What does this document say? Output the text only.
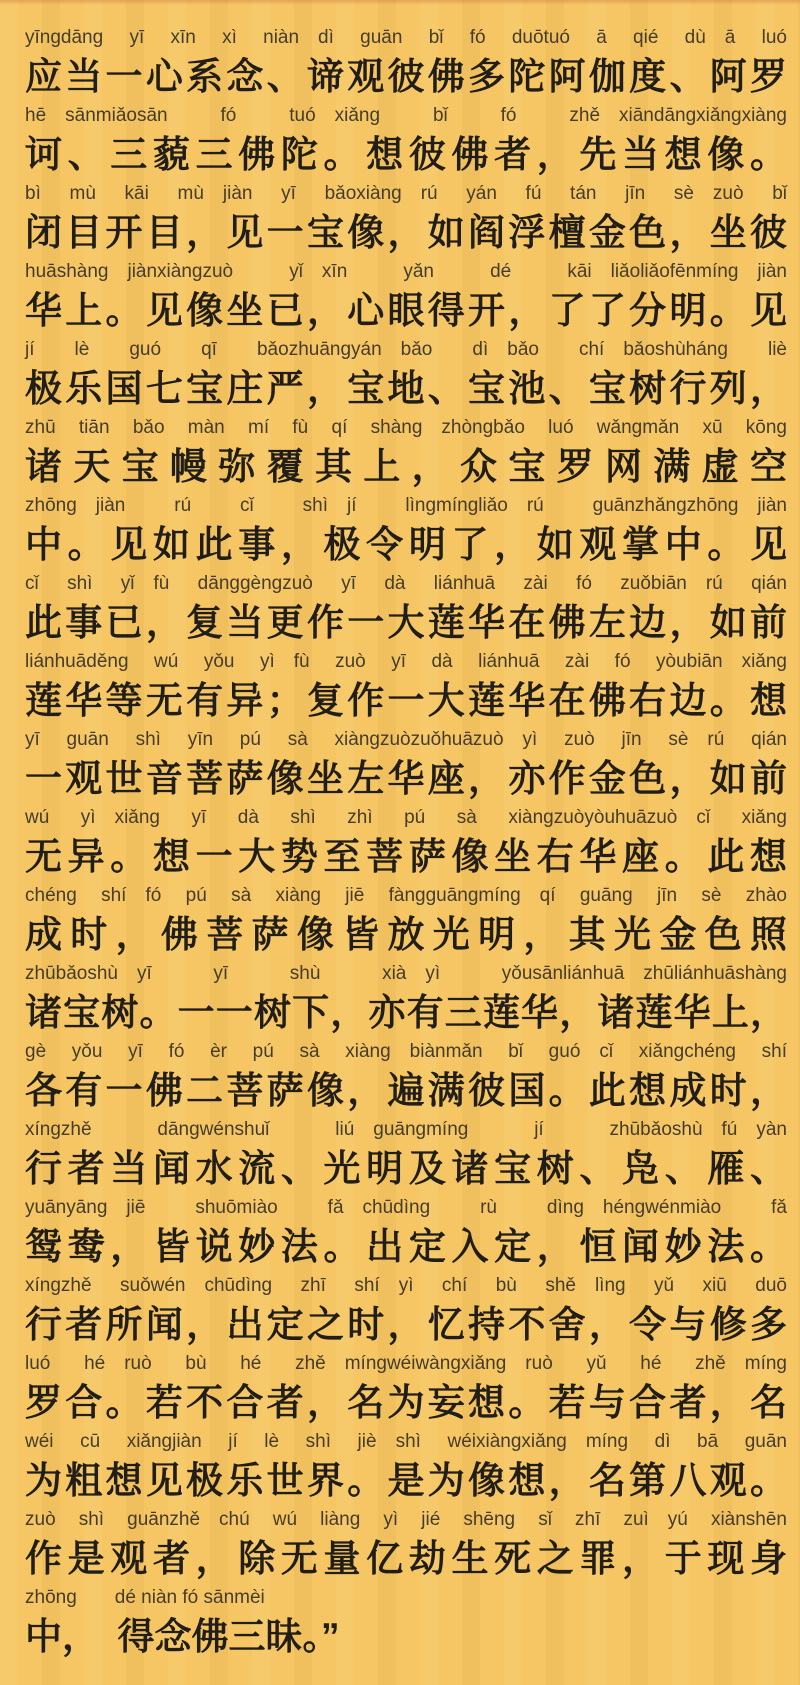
yīngdāng yī xīn xì niàn dì guān bǐ fó duōtuó ā qié dù ā luó
应当一心系念、谛观彼佛多陀阿伽度、阿罗
hē sānmiǎosān fó tuó xiǎng bǐ fó zhě xiāndāngxiǎngxiàng
诃、三藐三佛陀。想彼佛者，先当想像。
bì mù kāi mù jiàn yī bǎoxiàng rú yán fú tán jīn sè zuò bǐ
闭目开目，见一宝像，如阎浮檀金色，坐彼
huāshàng jiànxiàngzuò yǐ xīn yǎn dé kāi liǎoliǎofēnmíng jiàn
华上。见像坐已，心眼得开，了了分明。见
jí lè guó qī bǎozhuāngyán bǎo dì bǎo chí bǎoshùháng liè
极乐国七宝庄严，宝地、宝池、宝树行列，
zhū tiān bǎo màn mí fù qí shàng zhòngbǎo luó wǎngmǎn xū kōng
诸天宝幔弥覆其上，众宝罗网满虚空
zhōng jiàn rú cǐ shì jí lìngmíngliǎo rú guānzhǎngzhōng jiàn
中。见如此事，极令明了，如观掌中。见
cǐ shì yǐ fù dānggèngzuò yī dà liánhuā zài fó zuǒbiān rú qián
此事已，复当更作一大莲华在佛左边，如前
liánhuāděng wú yǒu yì fù zuò yī dà liánhuā zài fó yòubiān xiǎng
莲华等无有异；复作一大莲华在佛右边。想
yī guān shì yīn pú sà xiàngzuòzuǒhuāzuò yì zuò jīn sè rú qián
一观世音菩萨像坐左华座，亦作金色，如前
wú yì xiǎng yī dà shì zhì pú sà xiàngzuòyòuhuāzuò cǐ xiǎng
无异。想一大势至菩萨像坐右华座。此想
chéng shí fó pú sà xiàng jiē fàngguāngmíng qí guāng jīn sè zhào
成时，佛菩萨像皆放光明，其光金色照
zhūbǎoshù yī yī shù xià yì yǒusānliánhuā zhūliánhuāshàng
诸宝树。一一树下，亦有三莲华，诸莲华上，
gè yǒu yī fó èr pú sà xiàng biànmǎn bǐ guó cǐ xiǎngchéng shí
各有一佛二菩萨像，遍满彼国。此想成时，
xíngzhě dāngwénshuǐ liú guāngmíng jí zhūbǎoshù fú yàn
行者当闻水流、光明及诸宝树、凫、雁、
yuānyāng jiē shuōmiào fǎ chūdìng rù dìng héngwénmiào fǎ
鸳鸯，皆说妙法。出定入定，恒闻妙法。
xíngzhě suǒwén chūdìng zhī shí yì chí bù shě lìng yǔ xiū duō
行者所闻，出定之时，忆持不舍，令与修多
luó hé ruò bù hé zhě míngwéiwàngxiǎng ruò yǔ hé zhě míng
罗合。若不合者，名为妄想。若与合者，名
wéi cū xiǎngjiàn jí lè shì jiè shì wéixiàngxiǎng míng dì bā guān
为粗想见极乐世界。是为像想，名第八观。
zuò shì guānzhě chú wú liàng yì jié shēng sǐ zhī zuì yú xiànshēn
作是观者，除无量亿劫生死之罪，于现身
zhōng  dé niàn fó sānmèi
中，　得念佛三昧。”
